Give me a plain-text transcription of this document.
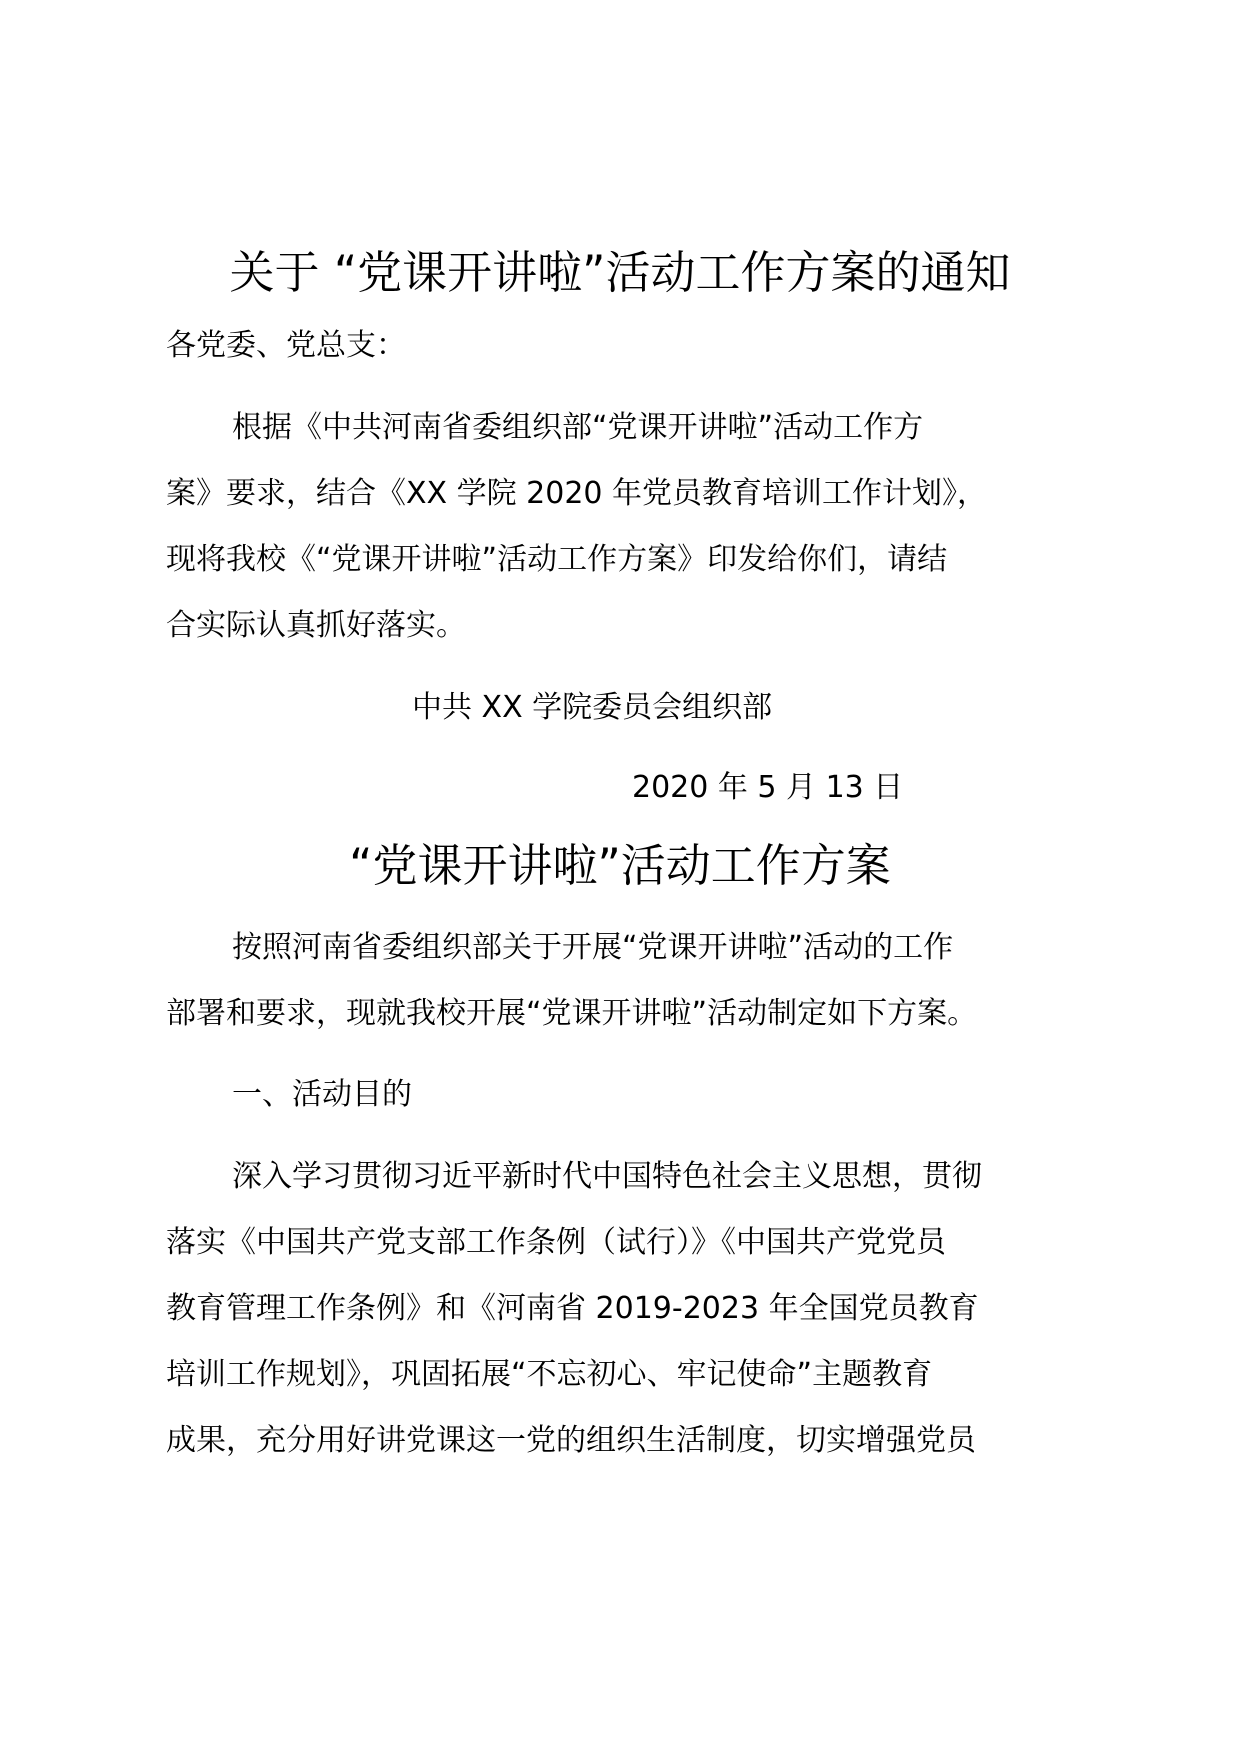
关于 “党课开讲啦”活动工作方案的通知
各党委、党总支：
根据《中共河南省委组织部“党课开讲啦”活动工作方
案》要求，结合《XX 学院 2020 年党员教育培训工作计划》，
现将我校《“党课开讲啦”活动工作方案》印发给你们，请结
合实际认真抓好落实。
中共 XX 学院委员会组织部
2020 年 5 月 13 日
“党课开讲啦”活动工作方案
按照河南省委组织部关于开展“党课开讲啦”活动的工作
部署和要求，现就我校开展“党课开讲啦”活动制定如下方案。
一、活动目的
深入学习贯彻习近平新时代中国特色社会主义思想，贯彻
落实《中国共产党支部工作条例（试行）》《中国共产党党员
教育管理工作条例》和《河南省 2019-2023 年全国党员教育
培训工作规划》，巩固拓展“不忘初心、牢记使命”主题教育
成果，充分用好讲党课这一党的组织生活制度，切实增强党员
